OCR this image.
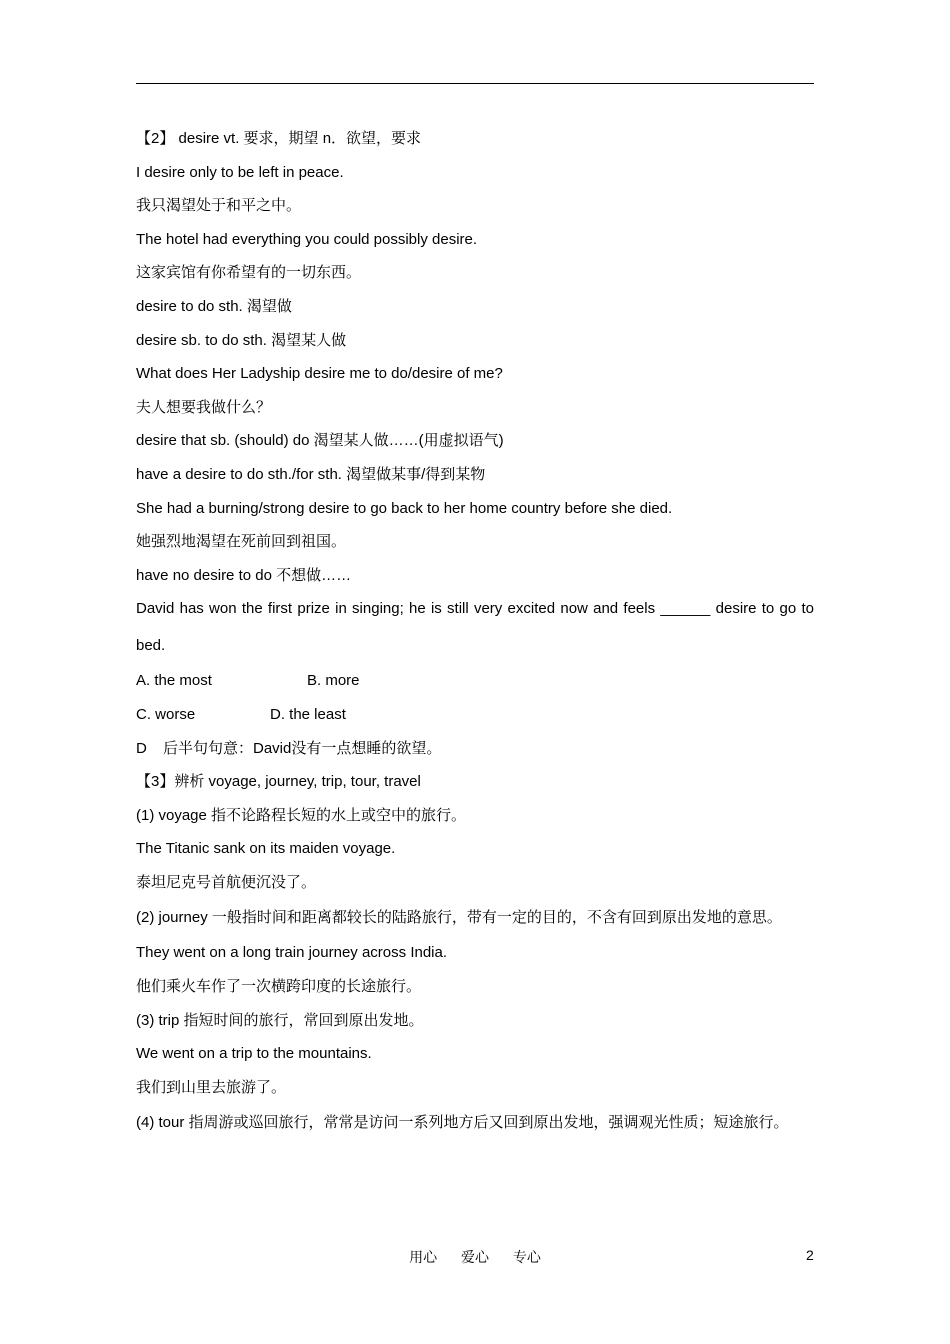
【2】 desire vt. 要求，期望 n．欲望，要求
I desire only to be left in peace.
我只渴望处于和平之中。
The hotel had everything you could possibly desire.
这家宾馆有你希望有的一切东西。
desire to do sth. 渴望做
desire sb. to do sth. 渴望某人做
What does Her Ladyship desire me to do/desire of me?
夫人想要我做什么？
desire that sb. (should) do 渴望某人做……(用虚拟语气)
have a desire to do sth./for sth. 渴望做某事/得到某物
She had a burning/strong desire to go back to her home country before she died.
她强烈地渴望在死前回到祖国。
have no desire to do 不想做……
David has won the first prize in singing; he is still very excited now and feels ______ desire to go to bed.
A. the most	B. more
C. worse	D. the least
D 后半句句意：David没有一点想睡的欲望。
【3】辨析 voyage, journey, trip, tour, travel
(1) voyage 指不论路程长短的水上或空中的旅行。
The Titanic sank on its maiden voyage.
泰坦尼克号首航便沉没了。
(2) journey 一般指时间和距离都较长的陆路旅行，带有一定的目的，不含有回到原出发地的意思。
They went on a long train journey across India.
他们乘火车作了一次横跨印度的长途旅行。
(3) trip 指短时间的旅行，常回到原出发地。
We went on a trip to the mountains.
我们到山里去旅游了。
(4) tour 指周游或巡回旅行，常常是访问一系列地方后又回到原出发地，强调观光性质；短途旅行。
用心 爱心 专心	2
